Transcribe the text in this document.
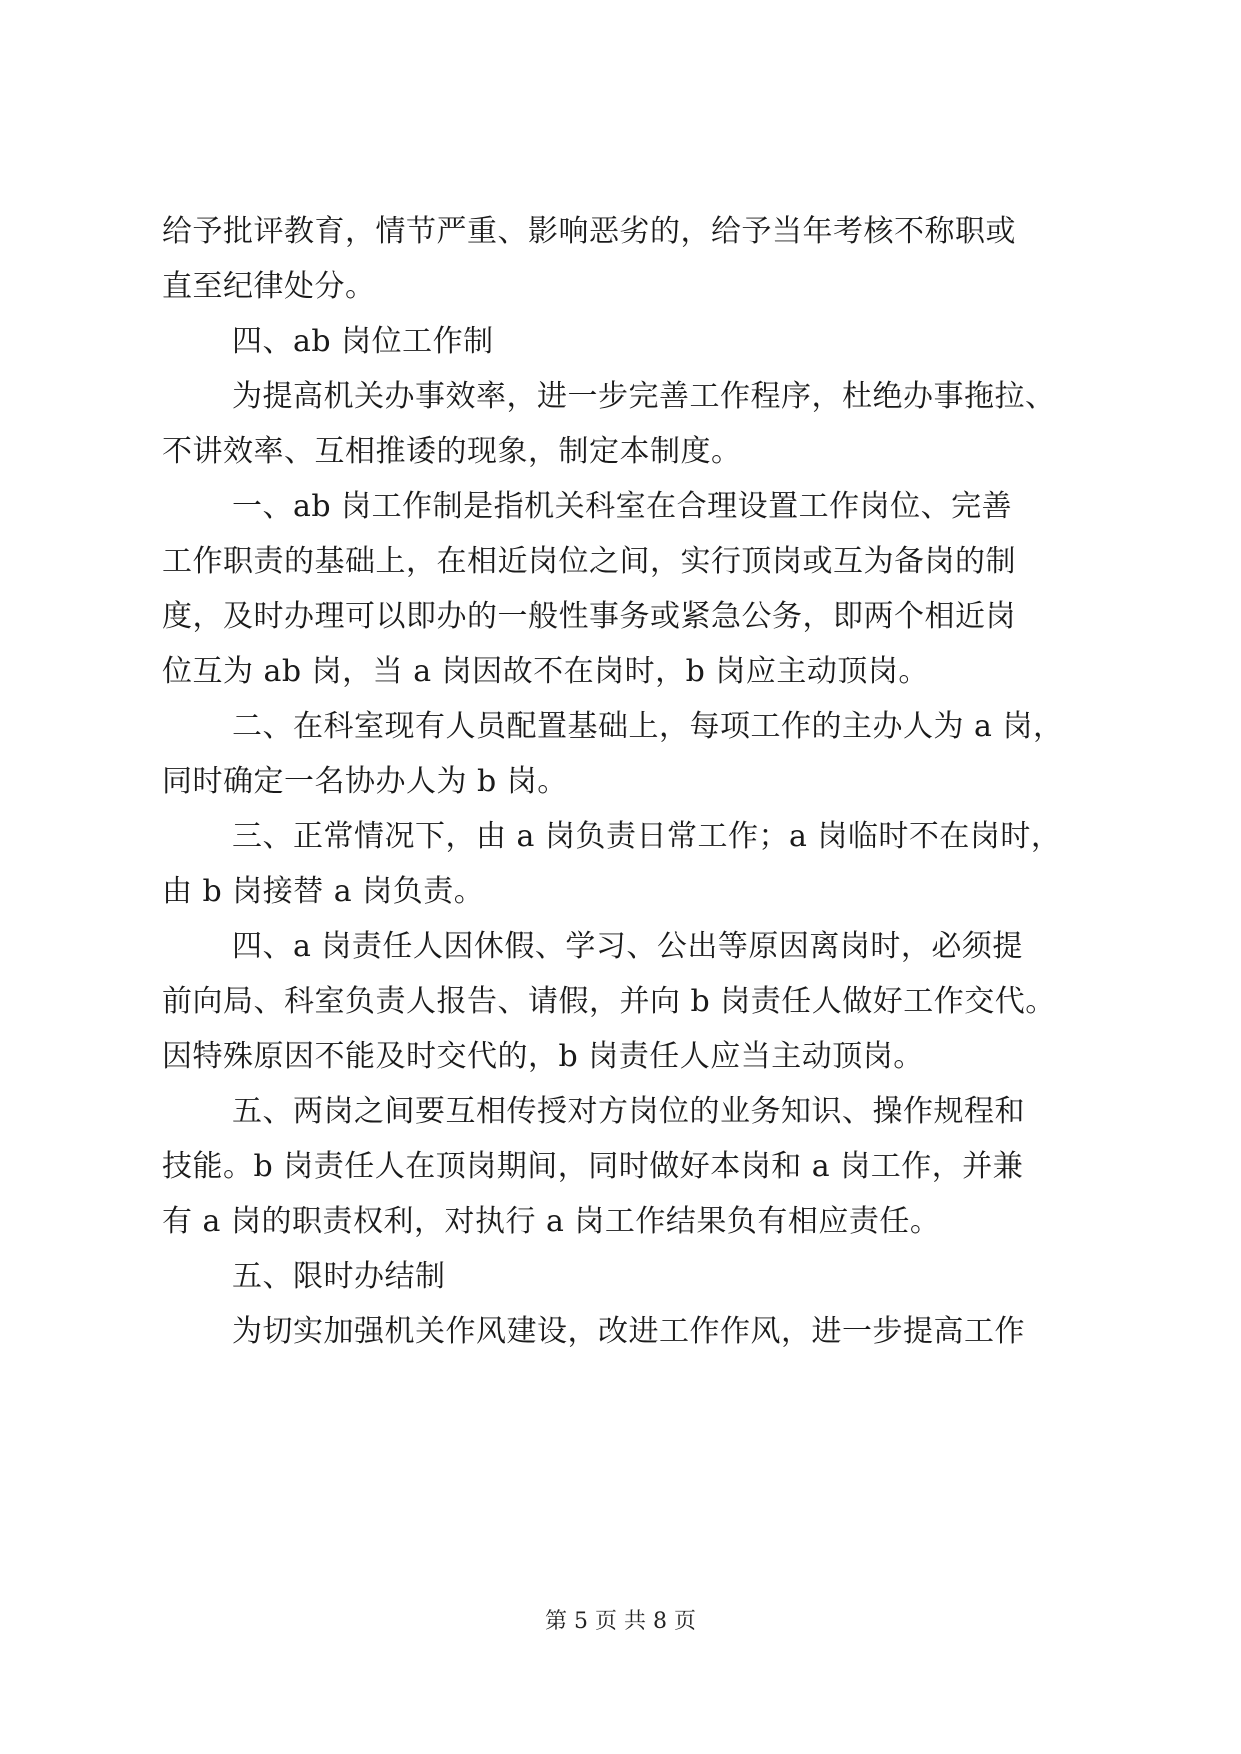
给予批评教育，情节严重、影响恶劣的，给予当年考核不称职或
直至纪律处分。
四、ab 岗位工作制
为提高机关办事效率，进一步完善工作程序，杜绝办事拖拉、
不讲效率、互相推诿的现象，制定本制度。
一、ab 岗工作制是指机关科室在合理设置工作岗位、完善
工作职责的基础上，在相近岗位之间，实行顶岗或互为备岗的制
度，及时办理可以即办的一般性事务或紧急公务，即两个相近岗
位互为 ab 岗，当 a 岗因故不在岗时，b 岗应主动顶岗。
二、在科室现有人员配置基础上，每项工作的主办人为 a 岗，
同时确定一名协办人为 b 岗。
三、正常情况下，由 a 岗负责日常工作；a 岗临时不在岗时，
由 b 岗接替 a 岗负责。
四、a 岗责任人因休假、学习、公出等原因离岗时，必须提
前向局、科室负责人报告、请假，并向 b 岗责任人做好工作交代。
因特殊原因不能及时交代的，b 岗责任人应当主动顶岗。
五、两岗之间要互相传授对方岗位的业务知识、操作规程和
技能。b 岗责任人在顶岗期间，同时做好本岗和 a 岗工作，并兼
有 a 岗的职责权利，对执行 a 岗工作结果负有相应责任。
五、限时办结制
为切实加强机关作风建设，改进工作作风，进一步提高工作
第 5 页 共 8 页
